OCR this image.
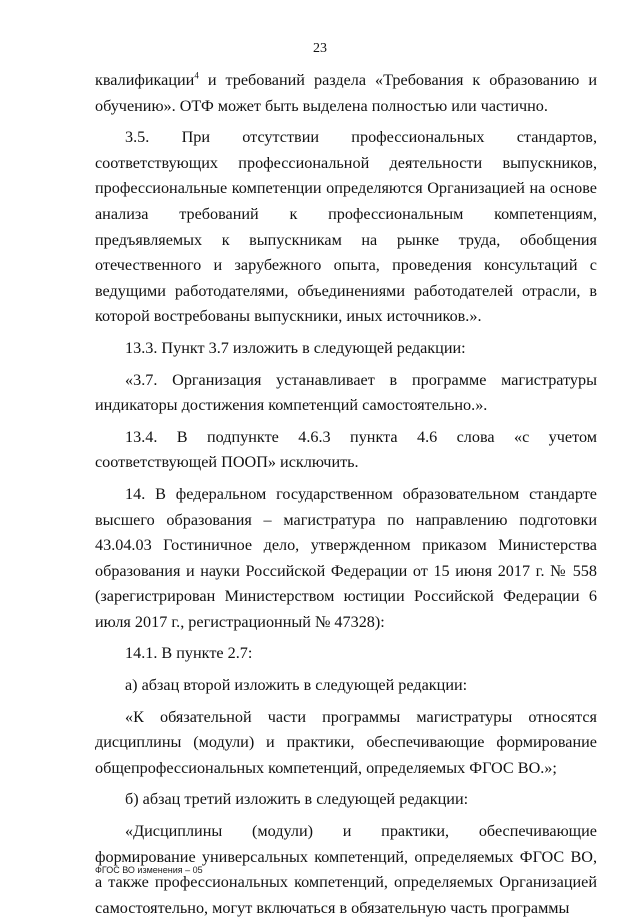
23

квалификации$^4$ и требований раздела «Требования к образованию и обучению». ОТФ может быть выделена полностью или частично.

3.5. При отсутствии профессиональных стандартов, соответствующих профессиональной деятельности выпускников, профессиональные компетенции определяются Организацией на основе анализа требований к профессиональным компетенциям, предъявляемых к выпускникам на рынке труда, обобщения отечественного и зарубежного опыта, проведения консультаций с ведущими работодателями, объединениями работодателей отрасли, в которой востребованы выпускники, иных источников.».

13.3. Пункт 3.7 изложить в следующей редакции:

«3.7. Организация устанавливает в программе магистратуры индикаторы достижения компетенций самостоятельно.».

13.4. В подпункте 4.6.3 пункта 4.6 слова «с учетом соответствующей ПООП» исключить.

14. В федеральном государственном образовательном стандарте высшего образования – магистратура по направлению подготовки 43.04.03 Гостиничное дело, утвержденном приказом Министерства образования и науки Российской Федерации от 15 июня 2017 г. № 558 (зарегистрирован Министерством юстиции Российской Федерации 6 июля 2017 г., регистрационный № 47328):

14.1. В пункте 2.7:

а) абзац второй изложить в следующей редакции:

«К обязательной части программы магистратуры относятся дисциплины (модули) и практики, обеспечивающие формирование общепрофессиональных компетенций, определяемых ФГОС ВО.»;

б) абзац третий изложить в следующей редакции:

«Дисциплины (модули) и практики, обеспечивающие формирование универсальных компетенций, определяемых ФГОС ВО, а также профессиональных компетенций, определяемых Организацией самостоятельно, могут включаться в обязательную часть программы

ФГОС ВО изменения – 05
